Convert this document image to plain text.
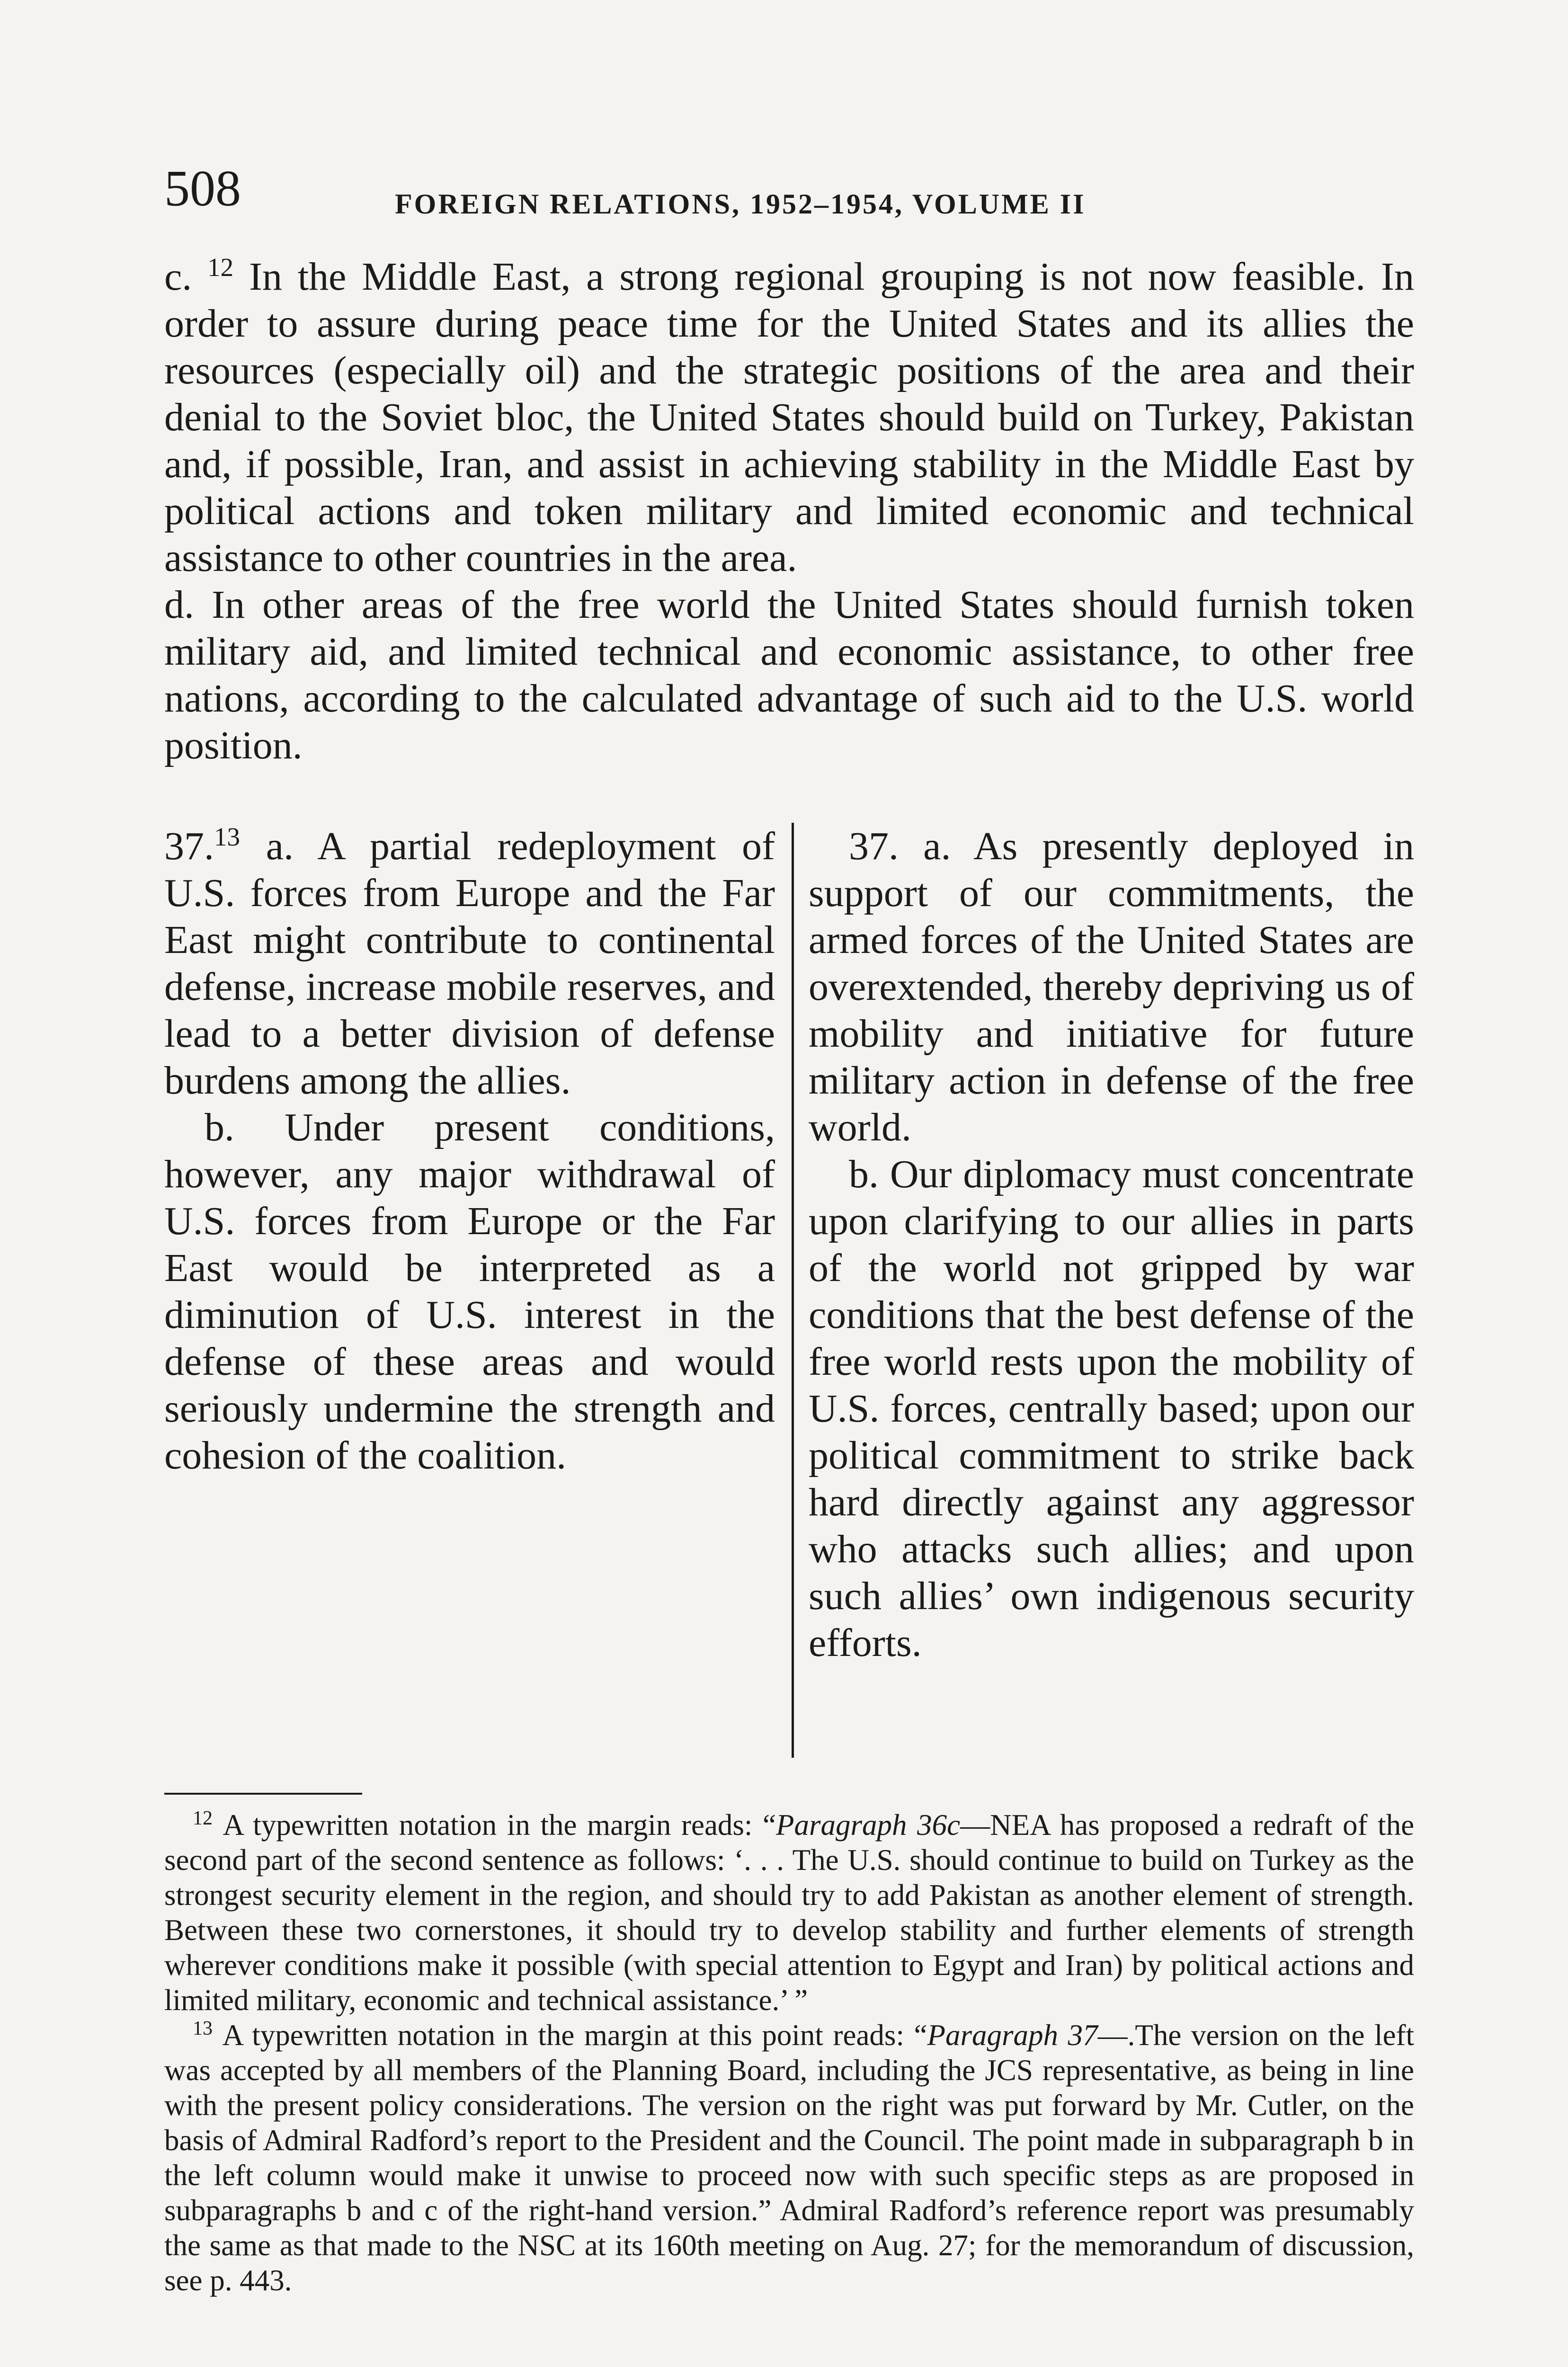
508	FOREIGN RELATIONS, 1952–1954, VOLUME II

c. $^{12}$ In the Middle East, a strong regional grouping is not now feasible. In order to assure during peace time for the United States and its allies the resources (especially oil) and the strategic positions of the area and their denial to the Soviet bloc, the United States should build on Turkey, Pakistan and, if possible, Iran, and assist in achieving stability in the Middle East by political actions and token military and limited economic and technical assistance to other countries in the area.

d. In other areas of the free world the United States should furnish token military aid, and limited technical and economic assistance, to other free nations, according to the calculated advantage of such aid to the U.S. world position.

37.13 a. A partial redeployment of U.S. forces from Europe and the Far East might contribute to continental defense, increase mobile reserves, and lead to a better division of defense burdens among the allies.

b. Under present conditions, however, any major withdrawal of U.S. forces from Europe or the Far East would be interpreted as a diminution of U.S. interest in the defense of these areas and would seriously undermine the strength and cohesion of the coalition.

37. a. As presently deployed in support of our commitments, the armed forces of the United States are overextended, thereby depriving us of mobility and initiative for future military action in defense of the free world.

b. Our diplomacy must concentrate upon clarifying to our allies in parts of the world not gripped by war conditions that the best defense of the free world rests upon the mobility of U.S. forces, centrally based; upon our political commitment to strike back hard directly against any aggressor who attacks such allies; and upon such allies’ own indigenous security efforts.

$^{12}$ A typewritten notation in the margin reads: “Paragraph 36c—NEA has proposed a redraft of the second part of the second sentence as follows: ‘. . . The U.S. should continue to build on Turkey as the strongest security element in the region, and should try to add Pakistan as another element of strength. Between these two cornerstones, it should try to develop stability and further elements of strength wherever conditions make it possible (with special attention to Egypt and Iran) by political actions and limited military, economic and technical assistance.’ ”

$^{13}$ A typewritten notation in the margin at this point reads: “Paragraph 37—.The version on the left was accepted by all members of the Planning Board, including the JCS representative, as being in line with the present policy considerations. The version on the right was put forward by Mr. Cutler, on the basis of Admiral Radford’s report to the President and the Council. The point made in subparagraph b in the left column would make it unwise to proceed now with such specific steps as are proposed in subparagraphs b and c of the right-hand version.” Admiral Radford’s reference report was presumably the same as that made to the NSC at its 160th meeting on Aug. 27; for the memorandum of discussion, see p. 443.
